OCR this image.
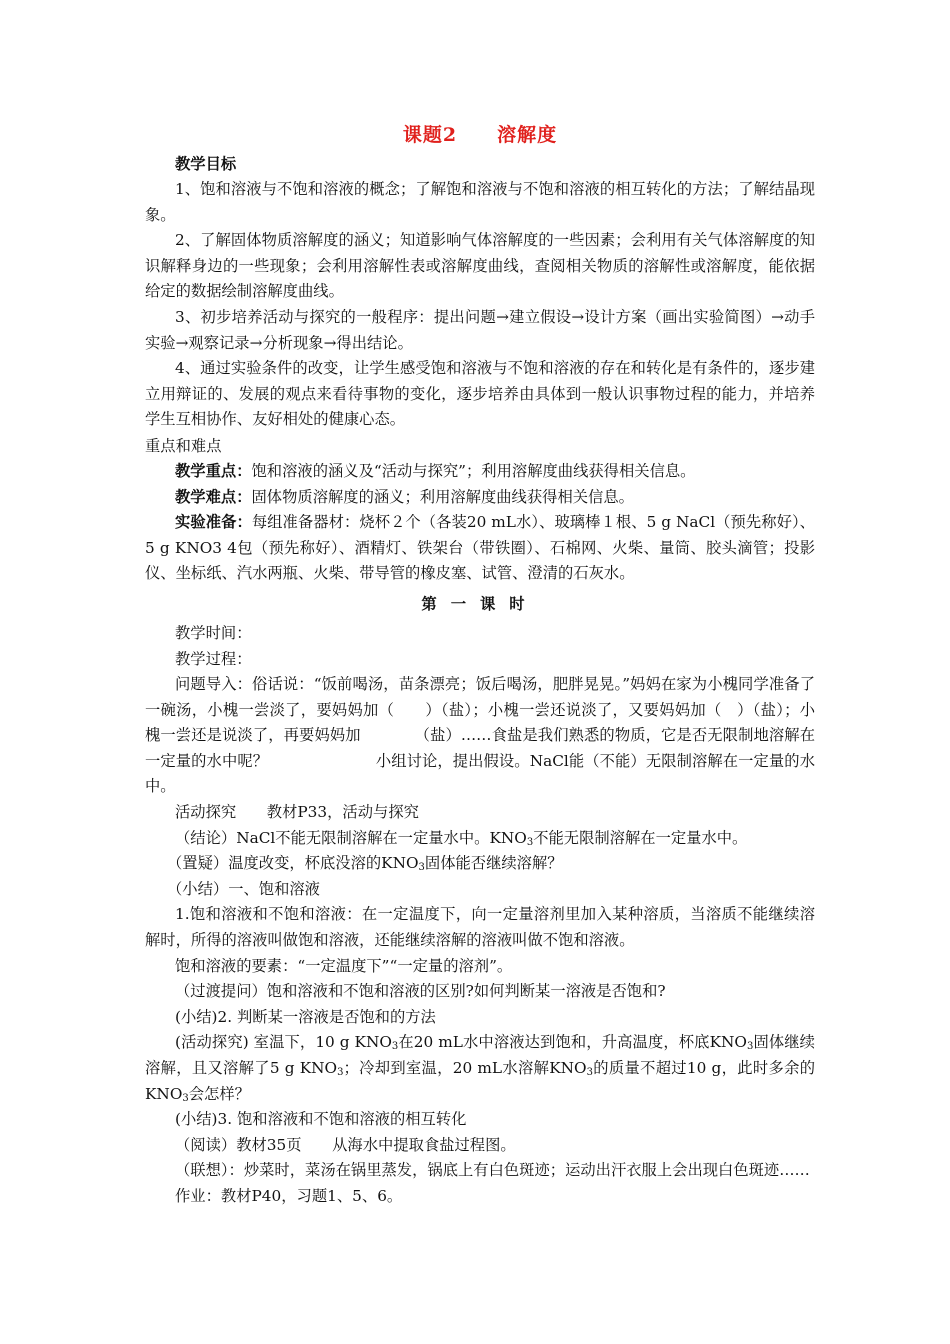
课题2　　溶解度

教学目标

1、饱和溶液与不饱和溶液的概念；了解饱和溶液与不饱和溶液的相互转化的方法；了解结晶现象。

2、了解固体物质溶解度的涵义；知道影响气体溶解度的一些因素；会利用有关气体溶解度的知识解释身边的一些现象；会利用溶解性表或溶解度曲线，查阅相关物质的溶解性或溶解度，能依据给定的数据绘制溶解度曲线。

3、初步培养活动与探究的一般程序：提出问题→建立假设→设计方案（画出实验简图）→动手实验→观察记录→分析现象→得出结论。

4、通过实验条件的改变，让学生感受饱和溶液与不饱和溶液的存在和转化是有条件的，逐步建立用辩证的、发展的观点来看待事物的变化，逐步培养由具体到一般认识事物过程的能力，并培养学生互相协作、友好相处的健康心态。

重点和难点

教学重点：饱和溶液的涵义及“活动与探究”；利用溶解度曲线获得相关信息。

教学难点：固体物质溶解度的涵义；利用溶解度曲线获得相关信息。

实验准备：每组准备器材：烧杯２个（各装20 mL水）、玻璃棒１根、5 g NaCl（预先称好）、5 g KNO3 4包（预先称好）、酒精灯、铁架台（带铁圈）、石棉网、火柴、量筒、胶头滴管；投影仪、坐标纸、汽水两瓶、火柴、带导管的橡皮塞、试管、澄清的石灰水。

第一课时

教学时间：

教学过程：

问题导入：俗话说：“饭前喝汤，苗条漂亮；饭后喝汤，肥胖晃晃。”妈妈在家为小槐同学准备了一碗汤，小槐一尝淡了，要妈妈加（　　）（盐）；小槐一尝还说淡了，又要妈妈加（　）（盐）；小槐一尝还是说淡了，再要妈妈加　　　　（盐）……食盐是我们熟悉的物质，它是否无限制地溶解在一定量的水中呢？　　　　　　　小组讨论，提出假设。NaCl能（不能）无限制溶解在一定量的水中。

活动探究　　教材P33，活动与探究

（结论）NaCl不能无限制溶解在一定量水中。$KNO_3$不能无限制溶解在一定量水中。

（置疑）温度改变，杯底没溶的$KNO_3$固体能否继续溶解？

（小结）一、饱和溶液

1.饱和溶液和不饱和溶液：在一定温度下，向一定量溶剂里加入某种溶质，当溶质不能继续溶解时，所得的溶液叫做饱和溶液，还能继续溶解的溶液叫做不饱和溶液。

饱和溶液的要素：“一定温度下”“一定量的溶剂”。

（过渡提问）饱和溶液和不饱和溶液的区别?如何判断某一溶液是否饱和?

(小结)2. 判断某一溶液是否饱和的方法

(活动探究) 室温下，10 g $KNO_3$在20 mL水中溶液达到饱和，升高温度，杯底$KNO_3$固体继续溶解，且又溶解了5 g $KNO_3$；冷却到室温，20 mL水溶解$KNO_3$的质量不超过10 g，此时多余的$KNO_3$会怎样？

(小结)3. 饱和溶液和不饱和溶液的相互转化

（阅读）教材35页　　从海水中提取食盐过程图。

（联想）：炒菜时，菜汤在锅里蒸发，锅底上有白色斑迹；运动出汗衣服上会出现白色斑迹……

作业：教材P40，习题1、5、6。
